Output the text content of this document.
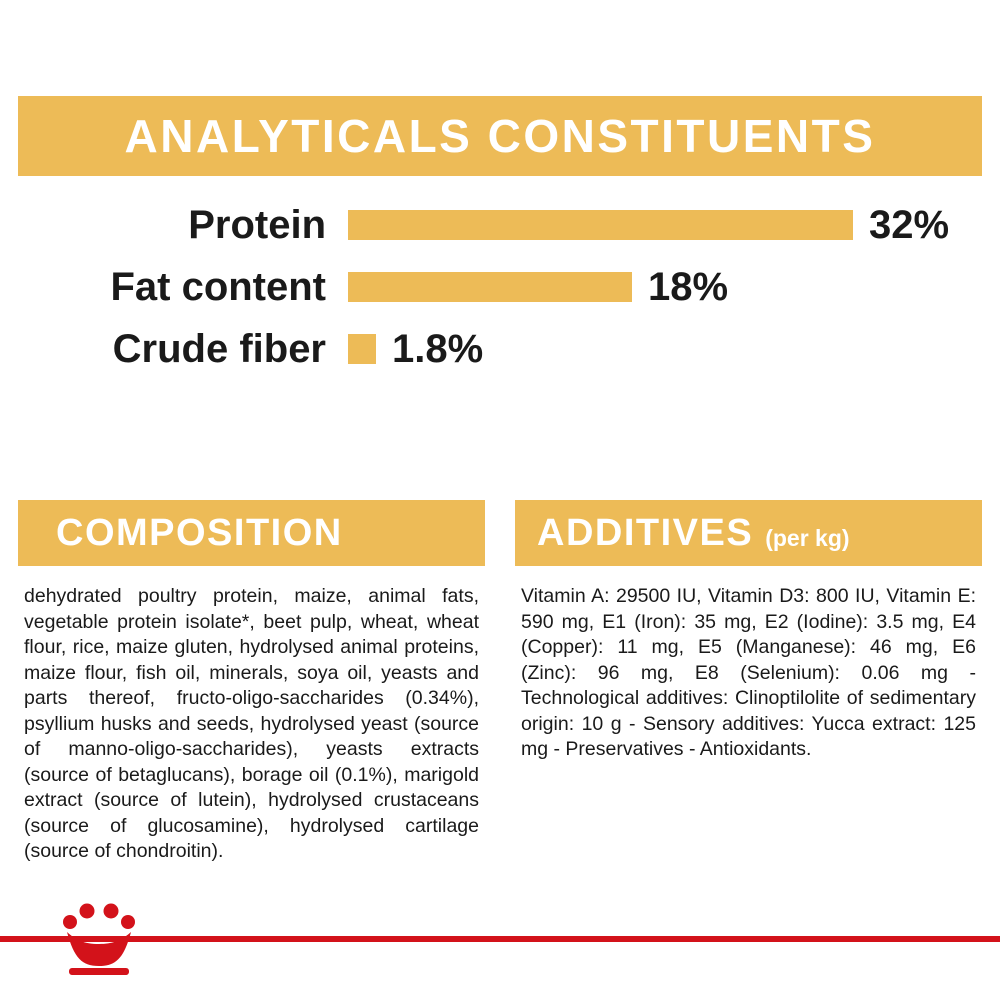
ANALYTICALS CONSTITUENTS
Protein	32%
Fat content	18%
Crude fiber	1.8%
COMPOSITION
dehydrated poultry protein, maize, animal fats, vegetable protein isolate*, beet pulp, wheat, wheat flour, rice, maize gluten, hydrolysed animal proteins, maize flour, fish oil, minerals, soya oil, yeasts and parts thereof, fructo-oligo-saccharides (0.34%), psyllium husks and seeds, hydrolysed yeast (source of manno-oligo-saccharides), yeasts extracts (source of betaglucans), borage oil (0.1%), marigold extract (source of lutein), hydrolysed crustaceans (source of glucosamine), hydrolysed cartilage (source of chondroitin).
ADDITIVES (per kg)
Vitamin A: 29500 IU, Vitamin D3: 800 IU, Vitamin E: 590 mg, E1 (Iron): 35 mg, E2 (Iodine): 3.5 mg, E4 (Copper): 11 mg, E5 (Manganese): 46 mg, E6 (Zinc): 96 mg, E8 (Selenium): 0.06 mg - Technological additives: Clinoptilolite of sedimentary origin: 10 g - Sensory additives: Yucca extract: 125 mg - Preservatives - Antioxidants.
